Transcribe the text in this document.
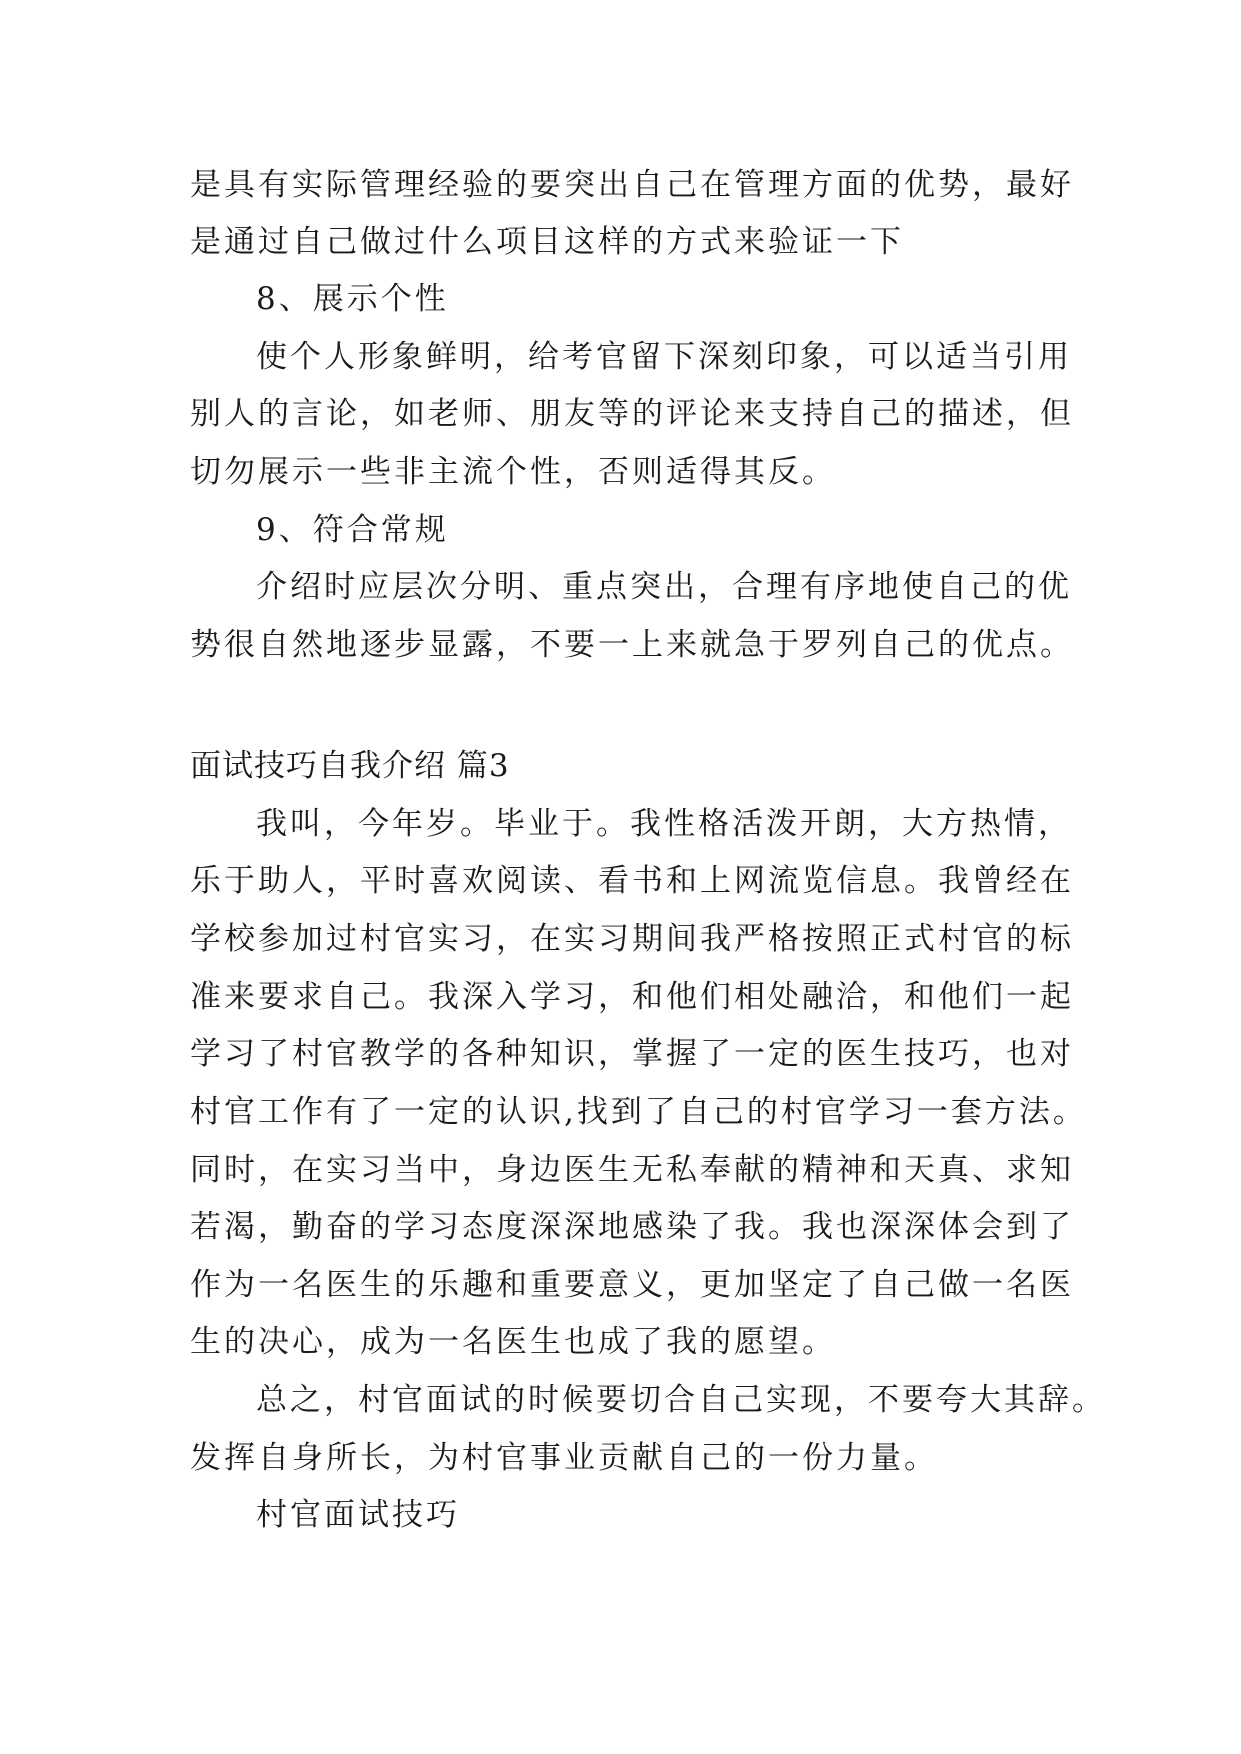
是具有实际管理经验的要突出自己在管理方面的优势，最好
是通过自己做过什么项目这样的方式来验证一下
8、展示个性
使个人形象鲜明，给考官留下深刻印象，可以适当引用
别人的言论，如老师、朋友等的评论来支持自己的描述，但
切勿展示一些非主流个性，否则适得其反。
9、符合常规
介绍时应层次分明、重点突出，合理有序地使自己的优
势很自然地逐步显露，不要一上来就急于罗列自己的优点。
面试技巧自我介绍 篇3
我叫，今年岁。毕业于。我性格活泼开朗，大方热情，
乐于助人，平时喜欢阅读、看书和上网流览信息。我曾经在
学校参加过村官实习，在实习期间我严格按照正式村官的标
准来要求自己。我深入学习，和他们相处融洽，和他们一起
学习了村官教学的各种知识，掌握了一定的医生技巧，也对
村官工作有了一定的认识,找到了自己的村官学习一套方法。
同时，在实习当中，身边医生无私奉献的精神和天真、求知
若渴，勤奋的学习态度深深地感染了我。我也深深体会到了
作为一名医生的乐趣和重要意义，更加坚定了自己做一名医
生的决心，成为一名医生也成了我的愿望。
总之，村官面试的时候要切合自己实现，不要夸大其辞。
发挥自身所长，为村官事业贡献自己的一份力量。
村官面试技巧
